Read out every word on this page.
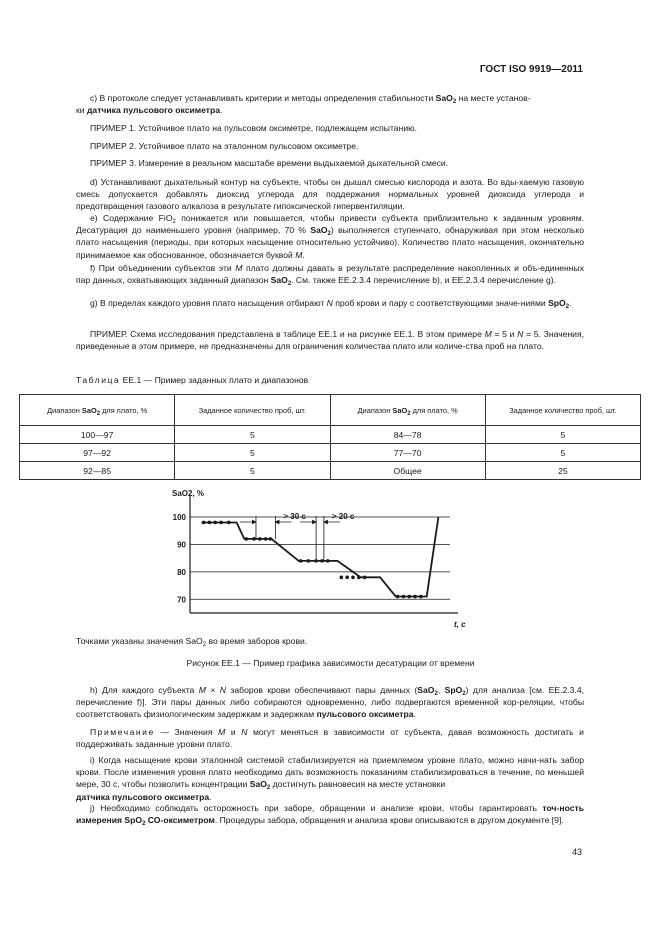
ГОСТ ISO 9919—2011

с) В протоколе следует устанавливать критерии и методы определения стабильности SaO$_2$ на месте установ-
ки датчика пульсового оксиметра.

ПРИМЕР 1. Устойчивое плато на пульсовом оксиметре, подлежащем испытанию.

ПРИМЕР 2. Устойчивое плато на эталонном пульсовом оксиметре.

ПРИМЕР 3. Измерение в реальном масштабе времени выдыхаемой дыхательной смеси.

d) Устанавливают дыхательный контур на субъекте, чтобы он дышал смесью кислорода и азота. Во вды-хаемую газовую смесь допускается добавлять диоксид углерода для поддержания нормальных уровней диоксида углерода и предотвращения газового алкалоза в результате гипоксической гипервентиляции.

е) Содержание FiO$_2$ понижается или повышается, чтобы привести субъекта приблизительно к заданным уровням. Десатурация до наименьшего уровня (например, 70 % SaO$_2$) выполняется ступенчато, обнаруживая при этом несколько плато насыщения (периоды, при которых насыщение относительно устойчиво). Количество плато насыщения, окончательно принимаемое как обоснованное, обозначается буквой M.

f) При объединении субъектов эти M плато должны давать в результате распределение накопленных и объ-единенных пар данных, охватывающих заданный диапазон SaO$_2$. См. также ЕЕ.2.3.4 перечисление b), и ЕЕ.2.3.4 перечисление g).

g) В пределах каждого уровня плато насыщения отбирают N проб крови и пару с соответствующими значе-ниями SpO$_2$.

ПРИМЕР. Схема исследования представлена в таблице ЕЕ.1 и на рисунке ЕЕ.1. В этом примере M = 5 и N = 5. Значения, приведенные в этом примере, не предназначены для ограничения количества плато или количе-ства проб на плато.

Таблица ЕЕ.1 — Пример заданных плато и диапазонов
Диапазон SaO$_2$ для плато, %	Заданное количество проб, шт.	Диапазон SaO$_2$ для плато, %	Заданное количество проб, шт.
100—97	5	84—78	5
97—92	5	77—70	5
92—85	5	Общее	25
100
90
80
70
SaO2, %
t, c
> 30 c	> 20 c
Точками указаны значения SaO$_2$ во время заборов крови.
Рисунок ЕЕ.1 — Пример графика зависимости десатурации от времени

h) Для каждого субъекта M × N заборов крови обеспечивают пары данных (SaO$_2$, SpO$_2$) для анализа [см. ЕЕ.2.3.4, перечисление f)]. Эти пары данных либо собираются одновременно, либо подвергаются временной кор-реляции, чтобы соответствовать физиологическим задержкам и задержкам пульсового оксиметра.

Примечание — Значения M и N могут меняться в зависимости от субъекта, давая возможность достигать и поддерживать заданные уровни плато.

i) Когда насыщение крови эталонной системой стабилизируется на приемлемом уровне плато, можно начи-нать забор крови. После изменения уровня плато необходимо дать возможность показаниям стабилизироваться в течение, по меньшей мере, 30 с, чтобы позволить концентрации SaO$_2$ достигнуть равновесия на месте установки
датчика пульсового оксиметра.

j) Необходимо соблюдать осторожность при заборе, обращении и анализе крови, чтобы гарантировать точ-ность измерения SpO$_2$ СО-оксиметром. Процедуры забора, обращения и анализа крови описываются в другом документе [9].

43
